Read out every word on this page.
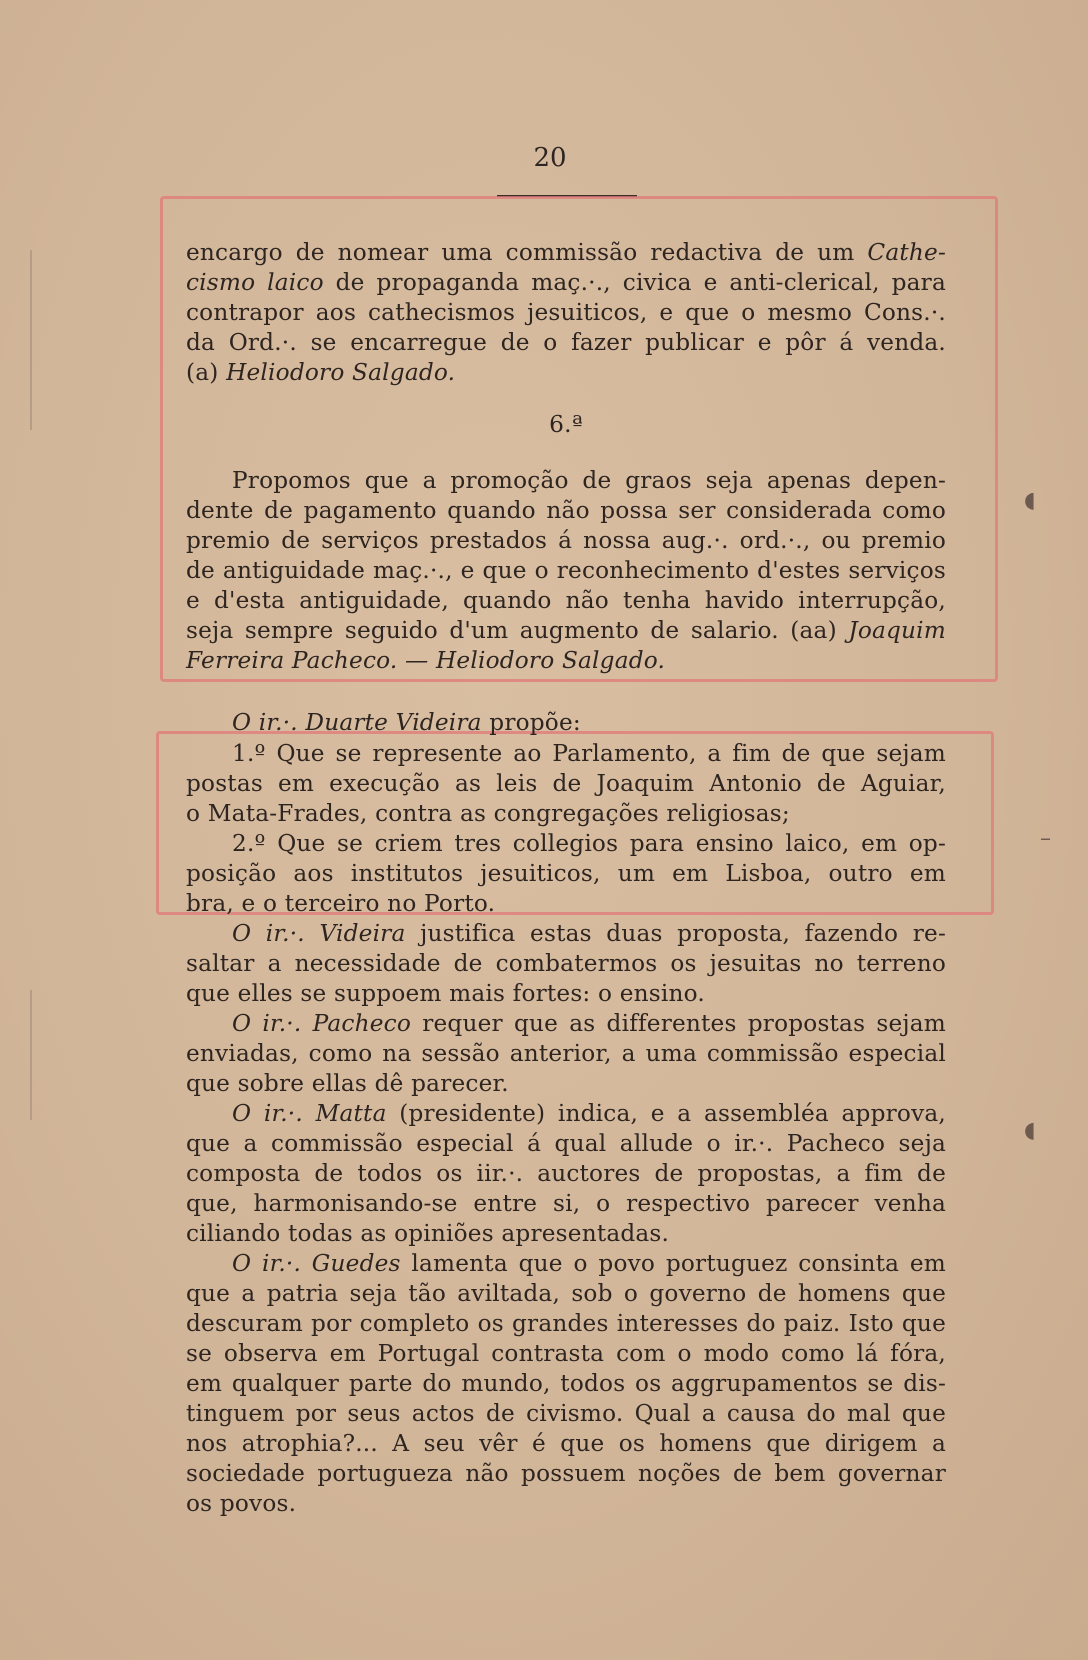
20
◖
–
◖
encargo de nomear uma commissão redactiva de um Cathe-
cismo laico de propaganda maç.·., civica e anti-clerical, para
contrapor aos cathecismos jesuiticos, e que o mesmo Cons.·.
da Ord.·. se encarregue de o fazer publicar e pôr á venda.
(a) Heliodoro Salgado.
6.ª
Propomos que a promoção de graos seja apenas depen-
dente de pagamento quando não possa ser considerada como
premio de serviços prestados á nossa aug.·. ord.·., ou premio
de antiguidade maç.·., e que o reconhecimento d'estes serviços
e d'esta antiguidade, quando não tenha havido interrupção,
seja sempre seguido d'um augmento de salario. (aa) Joaquim
Ferreira Pacheco. — Heliodoro Salgado.
O ir.·. Duarte Videira propõe:
1.º Que se represente ao Parlamento, a fim de que sejam
postas em execução as leis de Joaquim Antonio de Aguiar,
o Mata-Frades, contra as congregações religiosas;
2.º Que se criem tres collegios para ensino laico, em op-
posição aos institutos jesuiticos, um em Lisboa, outro em
bra, e o terceiro no Porto.
O ir.·. Videira justifica estas duas proposta, fazendo re-
saltar a necessidade de combatermos os jesuitas no terreno
que elles se suppoem mais fortes: o ensino.
O ir.·. Pacheco requer que as differentes propostas sejam
enviadas, como na sessão anterior, a uma commissão especial
que sobre ellas dê parecer.
O ir.·. Matta (presidente) indica, e a assembléa approva,
que a commissão especial á qual allude o ir.·. Pacheco seja
composta de todos os iir.·. auctores de propostas, a fim de
que, harmonisando-se entre si, o respectivo parecer venha
ciliando todas as opiniões apresentadas.
O ir.·. Guedes lamenta que o povo portuguez consinta em
que a patria seja tão aviltada, sob o governo de homens que
descuram por completo os grandes interesses do paiz. Isto que
se observa em Portugal contrasta com o modo como lá fóra,
em qualquer parte do mundo, todos os aggrupamentos se dis-
tinguem por seus actos de civismo. Qual a causa do mal que
nos atrophia?... A seu vêr é que os homens que dirigem a
sociedade portugueza não possuem noções de bem governar
os povos.
